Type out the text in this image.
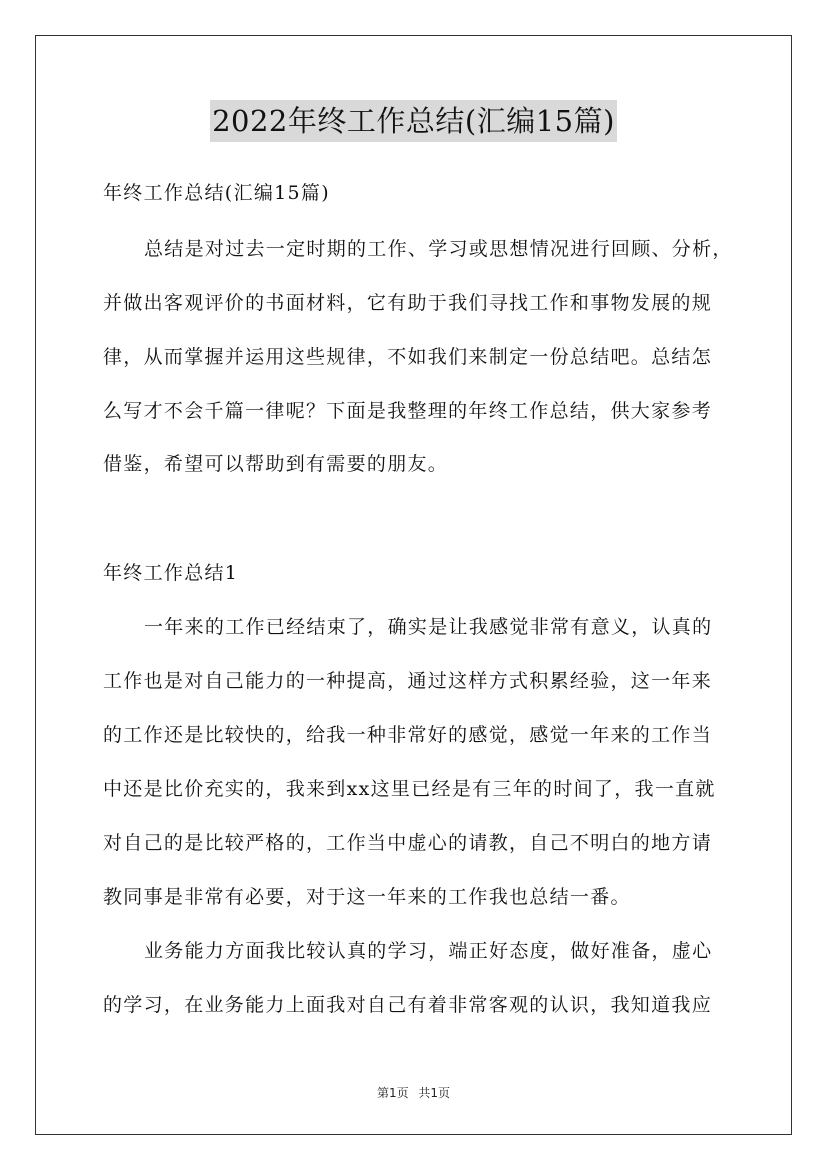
2022年终工作总结(汇编15篇)
年终工作总结(汇编15篇)
总结是对过去一定时期的工作、学习或思想情况进行回顾、分析，
并做出客观评价的书面材料，它有助于我们寻找工作和事物发展的规
律，从而掌握并运用这些规律，不如我们来制定一份总结吧。总结怎
么写才不会千篇一律呢？下面是我整理的年终工作总结，供大家参考
借鉴，希望可以帮助到有需要的朋友。
年终工作总结1
一年来的工作已经结束了，确实是让我感觉非常有意义，认真的
工作也是对自己能力的一种提高，通过这样方式积累经验，这一年来
的工作还是比较快的，给我一种非常好的感觉，感觉一年来的工作当
中还是比价充实的，我来到xx这里已经是有三年的时间了，我一直就
对自己的是比较严格的，工作当中虚心的请教，自己不明白的地方请
教同事是非常有必要，对于这一年来的工作我也总结一番。
业务能力方面我比较认真的学习，端正好态度，做好准备，虚心
的学习，在业务能力上面我对自己有着非常客观的认识，我知道我应
第1页 共1页
